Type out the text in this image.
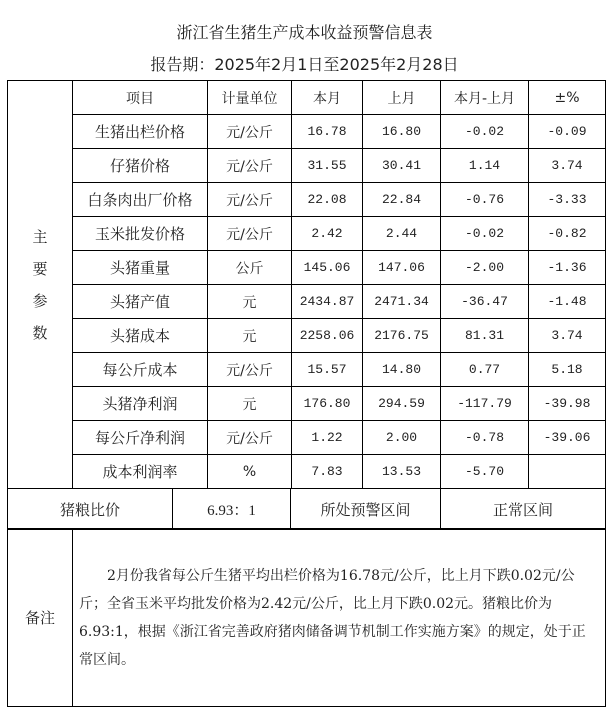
浙江省生猪生产成本收益预警信息表
报告期：2025年2月1日至2025年2月28日
主
要
参
数	项目	计量单位	本月	上月	本月-上月	±%
	生猪出栏价格	元/公斤	16.78	16.80	-0.02	-0.09
	仔猪价格	元/公斤	31.55	30.41	1.14	3.74
	白条肉出厂价格	元/公斤	22.08	22.84	-0.76	-3.33
	玉米批发价格	元/公斤	2.42	2.44	-0.02	-0.82
	头猪重量	公斤	145.06	147.06	-2.00	-1.36
	头猪产值	元	2434.87	2471.34	-36.47	-1.48
	头猪成本	元	2258.06	2176.75	81.31	3.74
	每公斤成本	元/公斤	15.57	14.80	0.77	5.18
	头猪净利润	元	176.80	294.59	-117.79	-39.98
	每公斤净利润	元/公斤	1.22	2.00	-0.78	-39.06
	成本利润率	%	7.83	13.53	-5.70	
猪粮比价	6.93：1	所处预警区间	正常区间
备注	2月份我省每公斤生猪平均出栏价格为16.78元/公斤，比上月下跌0.02元/公斤；全省玉米平均批发价格为2.42元/公斤，比上月下跌0.02元。猪粮比价为6.93:1，根据《浙江省完善政府猪肉储备调节机制工作实施方案》的规定，处于正常区间。
